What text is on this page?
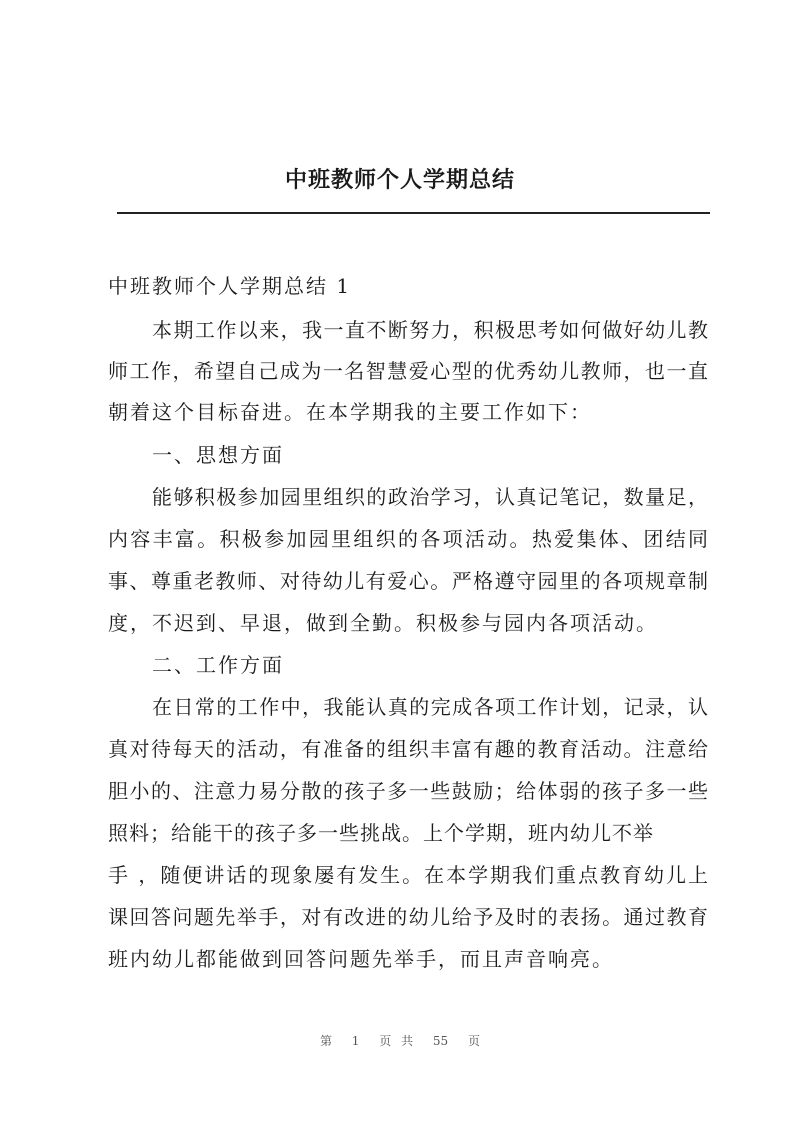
中班教师个人学期总结
中班教师个人学期总结 1
本期工作以来，我一直不断努力，积极思考如何做好幼儿教
师工作，希望自己成为一名智慧爱心型的优秀幼儿教师，也一直
朝着这个目标奋进。在本学期我的主要工作如下：
一、思想方面
能够积极参加园里组织的政治学习，认真记笔记，数量足，
内容丰富。积极参加园里组织的各项活动。热爱集体、团结同
事、尊重老教师、对待幼儿有爱心。严格遵守园里的各项规章制
度，不迟到、早退，做到全勤。积极参与园内各项活动。
二、工作方面
在日常的工作中，我能认真的完成各项工作计划，记录，认
真对待每天的活动，有准备的组织丰富有趣的教育活动。注意给
胆小的、注意力易分散的孩子多一些鼓励；给体弱的孩子多一些
照料；给能干的孩子多一些挑战。上个学期，班内幼儿不举
手 ，随便讲话的现象屡有发生。在本学期我们重点教育幼儿上
课回答问题先举手，对有改进的幼儿给予及时的表扬。通过教育
班内幼儿都能做到回答问题先举手，而且声音响亮。
第 1 页 共 55 页
